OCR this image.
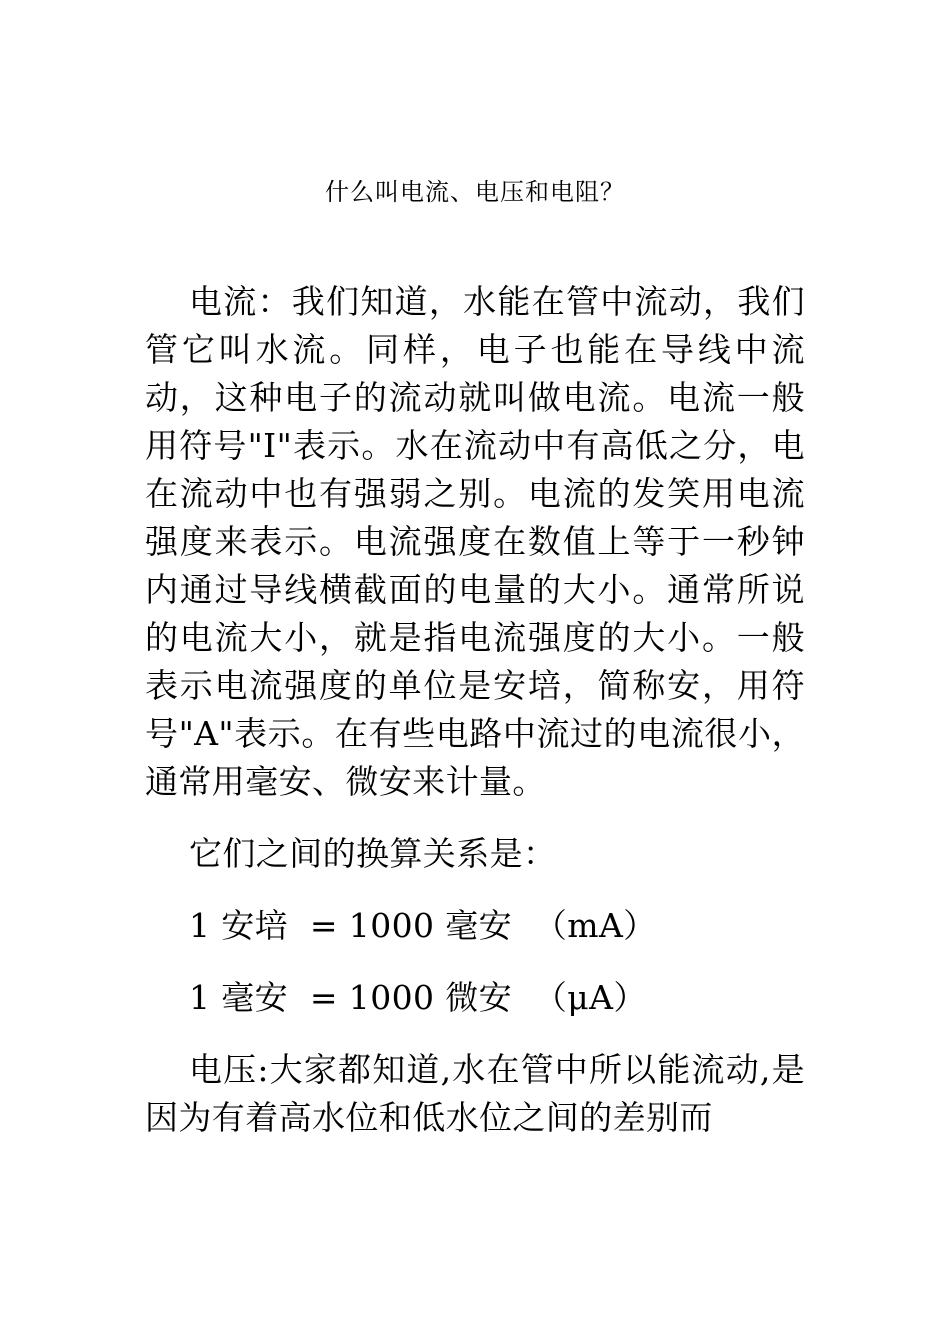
什么叫电流、电压和电阻？

电流：我们知道，水能在管中流动，我们管它叫水流。同样，电子也能在导线中流动，这种电子的流动就叫做电流。电流一般用符号"I"表示。水在流动中有高低之分，电在流动中也有强弱之别。电流的发笑用电流强度来表示。电流强度在数值上等于一秒钟内通过导线横截面的电量的大小。通常所说的电流大小，就是指电流强度的大小。一般表示电流强度的单位是安培，简称安，用符号"A"表示。在有些电路中流过的电流很小，通常用毫安、微安来计量。

它们之间的换算关系是：

1 安培  = 1000 毫安  （mA）

1 毫安  = 1000 微安  （μA）

电压:大家都知道,水在管中所以能流动,是因为有着高水位和低水位之间的差别而
